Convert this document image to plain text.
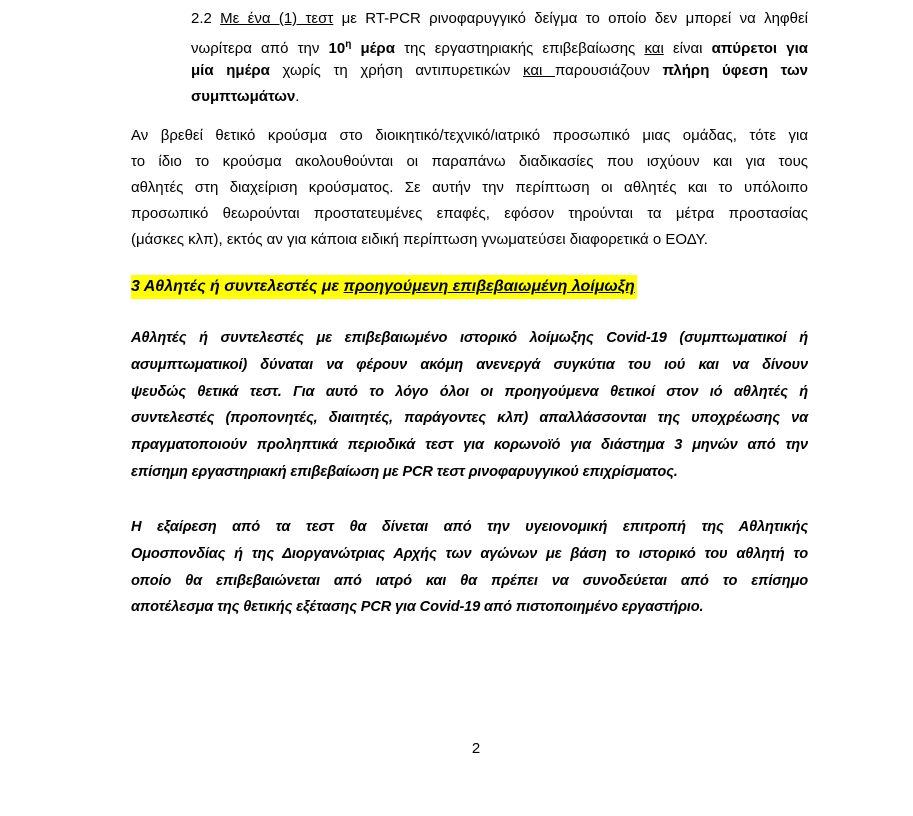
2.2 Με ένα (1) τεστ με RT-PCR ρινοφαρυγγικό δείγμα το οποίο δεν μπορεί να ληφθεί
νωρίτερα από την $10^\eta$ μέρα της εργαστηριακής επιβεβαίωσης και είναι απύρετοι για
μία ημέρα χωρίς τη χρήση αντιπυρετικών και παρουσιάζουν πλήρη ύφεση των
συμπτωμάτων.
Αν βρεθεί θετικό κρούσμα στο διοικητικό/τεχνικό/ιατρικό προσωπικό μιας ομάδας, τότε για
το ίδιο το κρούσμα ακολουθούνται οι παραπάνω διαδικασίες που ισχύουν και για τους
αθλητές στη διαχείριση κρούσματος. Σε αυτήν την περίπτωση οι αθλητές και το υπόλοιπο
προσωπικό θεωρούνται προστατευμένες επαφές, εφόσον τηρούνται τα μέτρα προστασίας
(μάσκες κλπ), εκτός αν για κάποια ειδική περίπτωση γνωματεύσει διαφορετικά ο ΕΟΔΥ.
3 Αθλητές ή συντελεστές με προηγούμενη επιβεβαιωμένη λοίμωξη
Αθλητές ή συντελεστές με επιβεβαιωμένο ιστορικό λοίμωξης Covid-19 (συμπτωματικοί ή
ασυμπτωματικοί) δύναται να φέρουν ακόμη ανενεργά συγκύτια του ιού και να δίνουν
ψευδώς θετικά τεστ. Για αυτό το λόγο όλοι οι προηγούμενα θετικοί στον ιό αθλητές ή
συντελεστές (προπονητές, διαιτητές, παράγοντες κλπ) απαλλάσσονται της υποχρέωσης να
πραγματοποιούν προληπτικά περιοδικά τεστ για κορωνοϊό για διάστημα 3 μηνών από την
επίσημη εργαστηριακή επιβεβαίωση με PCR τεστ ρινοφαρυγγικού επιχρίσματος.
Η εξαίρεση από τα τεστ θα δίνεται από την υγειονομική επιτροπή της Αθλητικής
Ομοσπονδίας ή της Διοργανώτριας Αρχής των αγώνων με βάση το ιστορικό του αθλητή το
οποίο θα επιβεβαιώνεται από ιατρό και θα πρέπει να συνοδεύεται από το επίσημο
αποτέλεσμα της θετικής εξέτασης PCR για Covid-19 από πιστοποιημένο εργαστήριο.
2
